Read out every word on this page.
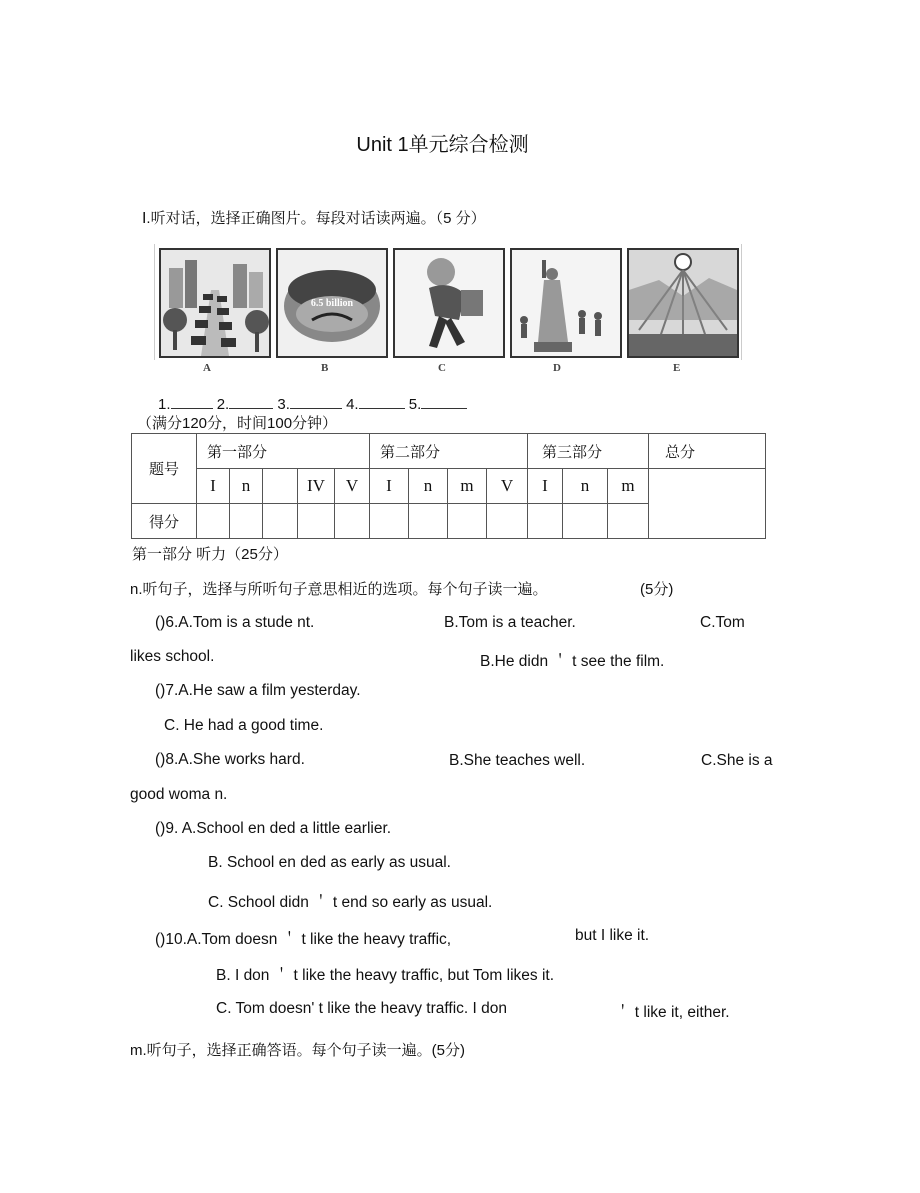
Unit 1单元综合检测
Ⅰ.听对话，选择正确图片。每段对话读两遍。（5 分）
6.5 billion
A	B	C	D	E
1.	2.	3.	4.	5.
（满分120分，时间100分钟）
题号	第一部分					第二部分				第三部分			总分
	I	n		IV	V	I	n	m	V	I	n	m	
得分													
第一部分 听力（25分）
n.听句子，选择与所听句子意思相近的选项。每个句子读一遍。	(5分)
()6.A.Tom is a stude nt.	B.Tom is a teacher.	C.Tom
likes school.	B.He didn ＇ t see the film.
()7.A.He saw a film yesterday.
C. He had a good time.
()8.A.She works hard.	B.She teaches well.	C.She is a
good woma n.
()9. A.School en ded a little earlier.
B. School en ded as early as usual.
C. School didn ＇ t end so early as usual.
()10.A.Tom doesn ＇ t like the heavy traffic,	but I like it.
B. I don ＇ t like the heavy traffic, but Tom likes it.
C. Tom doesn' t like the heavy traffic. I don	＇ t like it, either.
m.听句子，选择正确答语。每个句子读一遍。(5分)
